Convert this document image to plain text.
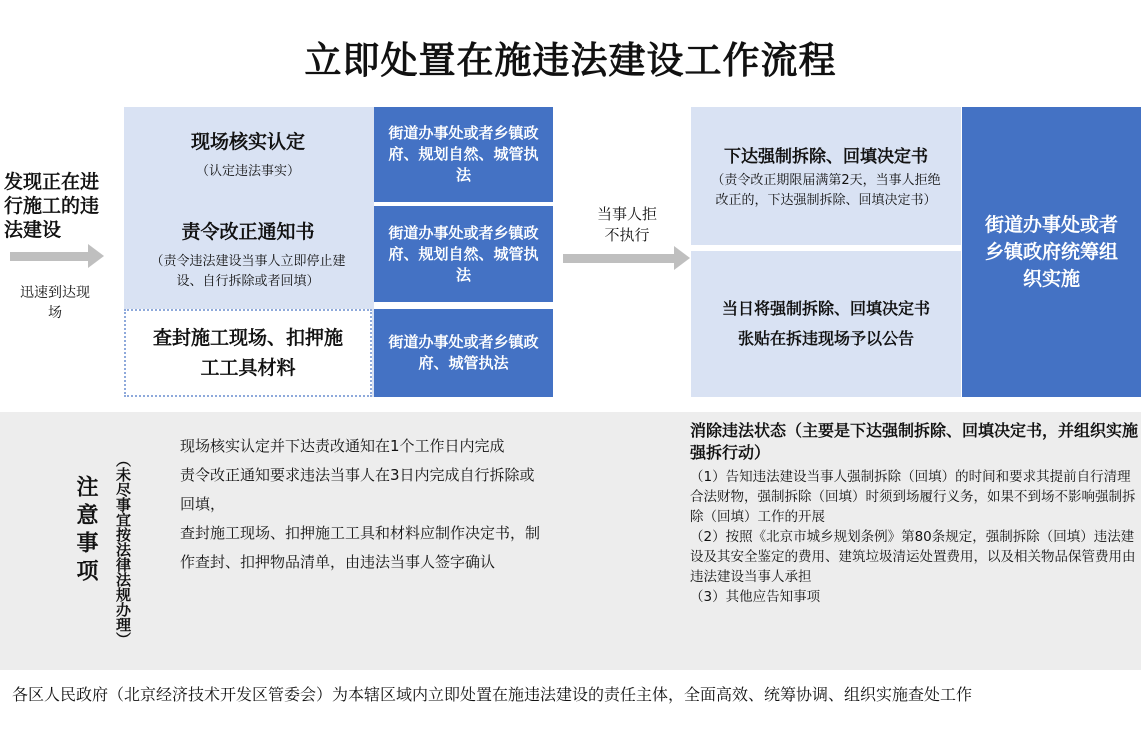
立即处置在施违法建设工作流程
发现正在进行施工的违法建设
迅速到达现场
现场核实认定
（认定违法事实）
街道办事处或者乡镇政府、规划自然、城管执法
责令改正通知书
（责令违法建设当事人立即停止建设、自行拆除或者回填）
街道办事处或者乡镇政府、规划自然、城管执法
查封施工现场、扣押施工工具材料
街道办事处或者乡镇政府、城管执法
当事人拒不执行
下达强制拆除、回填决定书
（责令改正期限届满第2天，当事人拒绝改正的，下达强制拆除、回填决定书）
当日将强制拆除、回填决定书张贴在拆违现场予以公告
街道办事处或者乡镇政府统筹组织实施
注意事项 （未尽事宜按法律法规办理）
现场核实认定并下达责改通知在1个工作日内完成
责令改正通知要求违法当事人在3日内完成自行拆除或回填，
查封施工现场、扣押施工工具和材料应制作决定书，制作查封、扣押物品清单，由违法当事人签字确认
消除违法状态（主要是下达强制拆除、回填决定书，并组织实施强拆行动）
（1）告知违法建设当事人强制拆除（回填）的时间和要求其提前自行清理合法财物，强制拆除（回填）时须到场履行义务，如果不到场不影响强制拆除（回填）工作的开展
（2）按照《北京市城乡规划条例》第80条规定，强制拆除（回填）违法建设及其安全鉴定的费用、建筑垃圾清运处置费用，以及相关物品保管费用由违法建设当事人承担
（3）其他应告知事项
各区人民政府（北京经济技术开发区管委会）为本辖区域内立即处置在施违法建设的责任主体，全面高效、统筹协调、组织实施查处工作
